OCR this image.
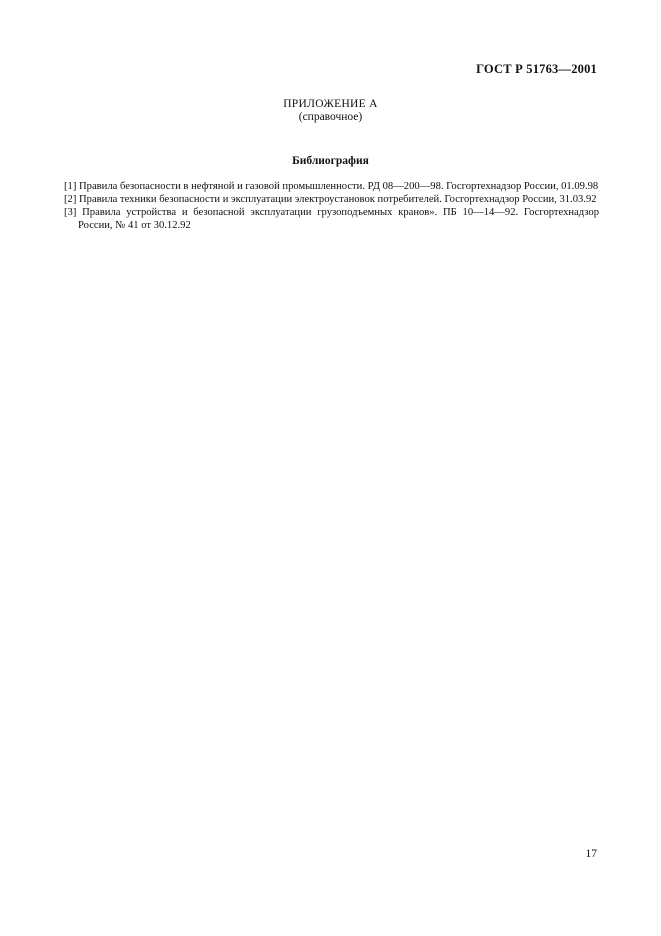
ГОСТ Р 51763—2001
ПРИЛОЖЕНИЕ А
(справочное)
Библиография
[1] Правила безопасности в нефтяной и газовой промышленности. РД 08—200—98. Госгортехнадзор России, 01.09.98
[2] Правила техники безопасности и эксплуатации электроустановок потребителей. Госгортехнадзор России, 31.03.92
[3] Правила устройства и безопасной эксплуатации грузоподъемных кранов». ПБ 10—14—92. Госгортехнадзор России, № 41 от 30.12.92
17
